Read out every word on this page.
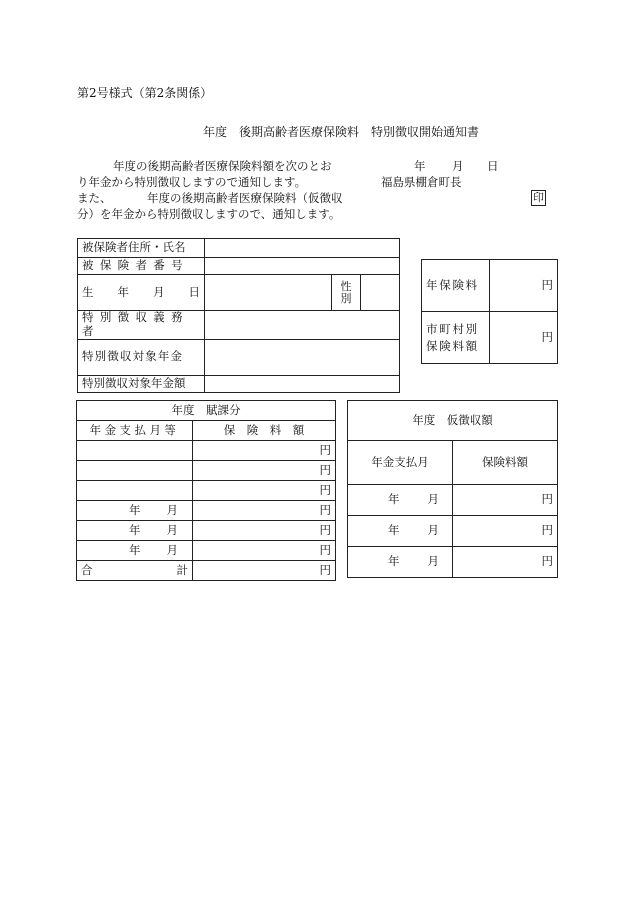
第2号様式（第2条関係）
年度　後期高齢者医療保険料　特別徴収開始通知書
年度の後期高齢者医療保険料額を次のとお
り年金から特別徴収しますので通知します。
また、	年度の後期高齢者医療保険料（仮徴収
分）を年金から特別徴収しますので、通知します。
年 月 日
福島県棚倉町長
印
被保険者住所・氏名			
被保険者番号			

生 年 月 日		性別	
特別徴収義務者			
特別徴収対象年金			
特別徴収対象年金額			
年保険料	円

市町村別
保険料額	円
年度　賦課分	
年金支払月等	保　険　料　額
	円
	円
	円
年 月	円
年 月	円
年 月	円

合 計	円
年度　仮徴収額	
年金支払月	保険料額
年 月	円
年 月	円
年 月	円
